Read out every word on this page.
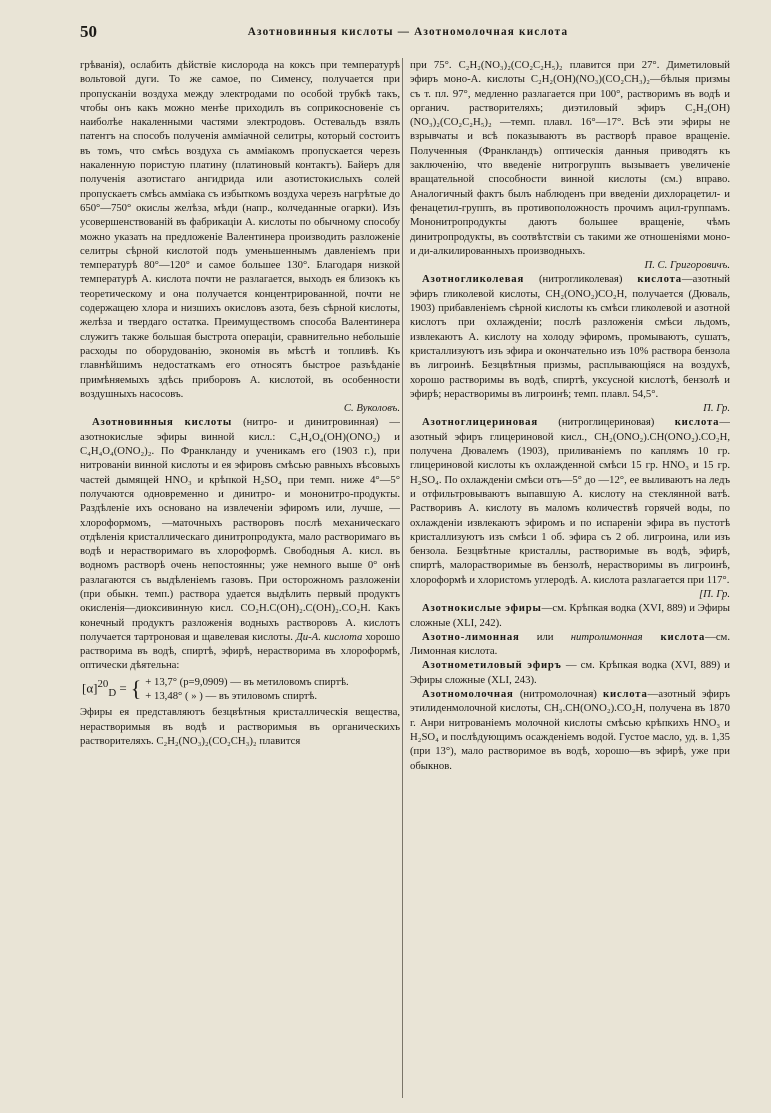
50	Азотновинныя кислоты — Азотномолочная кислота

грѣванія), ослабить дѣйствіе кислорода на коксъ при температурѣ вольтовой дуги. То же самое, по Сименсу, получается при пропусканіи воздуха между электродами по особой трубкѣ такъ, чтобы онъ какъ можно менѣе приходилъ въ соприкосновеніе съ наиболѣе накаленными частями электродовъ. Остевальдъ взялъ патентъ на способъ полученія амміачной селитры, который состоитъ въ томъ, что смѣсь воздуха съ амміакомъ пропускается черезъ накаленную пористую платину (платиновый контактъ). Байеръ для полученія азотистаго ангидрида или азотистокислыхъ солей пропускаетъ смѣсь амміака съ избыткомъ воздуха черезъ нагрѣтые до 650°—750° окислы желѣза, мѣди (напр., колчеданные огарки). Изъ усовершенствованій въ фабрикаціи А. кислоты по обычному способу можно указать на предложеніе Валентинера производить разложеніе селитры сѣрной кислотой подъ уменьшеннымъ давленіемъ при температурѣ 80°—120° и самое большее 130°. Благодаря низкой температурѣ А. кислота почти не разлагается, выходъ ея близокъ къ теоретическому и она получается концентрированной, почти не содержащею хлора и низшихъ окисловъ азота, безъ сѣрной кислоты, желѣза и твердаго остатка. Преимуществомъ способа Валентинера служитъ также большая быстрота операціи, сравнительно небольшіе расходы по оборудованію, экономія въ мѣстѣ и топливѣ. Къ главнѣйшимъ недостаткамъ его относятъ быстрое разъѣданіе примѣняемыхъ здѣсь приборовъ А. кислотой, въ особенности воздушныхъ насосовъ.
С. Вуколовъ.

Азотновинныя кислоты (нитро- и динитровинная) —азотнокислые эфиры винной кисл.: C₄H₄O₄(OH)(ONO₂) и C₄H₄O₄(ONO₂)₂. По Франкланду и ученикамъ его (1903 г.), при нитрованіи винной кислоты и ея эфировъ смѣсью равныхъ вѣсовыхъ частей дымящей HNO₃ и крѣпкой H₂SO₄ при темп. ниже 4°—5° получаются одновременно и динитро- и мононитро-продукты. Раздѣленіе ихъ основано на извлеченіи эфиромъ или, лучше, —хлороформомъ, —маточныхъ растворовъ послѣ механическаго отдѣленія кристаллическаго динитропродукта, мало растворимаго въ водѣ и нерастворимаго въ хлороформѣ. Свободныя А. кисл. въ водномъ растворѣ очень непостоянны; уже немного выше 0° онѣ разлагаются съ выдѣленіемъ газовъ. При осторожномъ разложеніи (при обыкн. темп.) раствора удается выдѣлить первый продуктъ окисленія—диоксивинную кисл. CO₂H.C(OH)₂.C(OH)₂.CO₂H. Какъ конечный продуктъ разложенія водныхъ растворовъ А. кислотъ получается тартроновая и щавелевая кислоты. Ди-А. кислота хорошо растворима въ водѣ, спиртѣ, эфирѣ, нерастворима въ хлороформѣ, оптически дѣятельна:

$[\alpha]^{20}_D$ =	{	+ 13,7° (p=9,0909) — въ метиловомъ спиртѣ.
+ 13,48° ( » ) — въ этиловомъ спиртѣ.

Эфиры ея представляютъ безцвѣтныя кристаллическія вещества, нерастворимыя въ водѣ и растворимыя въ органическихъ растворителяхъ. C₂H₂(NO₃)₂(CO₂CH₃)₂ плавится

при 75°. C₂H₂(NO₃)₂(CO₂C₂H₅)₂ плавится при 27°. Диметиловый эфиръ моно-А. кислоты C₂H₂(OH)(NO₃)(CO₂CH₃)₂—бѣлыя призмы съ т. пл. 97°, медленно разлагается при 100°, растворимъ въ водѣ и органич. растворителяхъ; диэтиловый эфиръ C₂H₂(OH)(NO₃)₂(CO₂C₂H₅)₂ —темп. плавл. 16°—17°. Всѣ эти эфиры не взрывчаты и всѣ показываютъ въ растворѣ правое вращеніе. Полученныя (Франкландъ) оптическія данныя приводятъ къ заключенію, что введеніе нитрогруппъ вызываетъ увеличеніе вращательной способности винной кислоты (см.) вправо. Аналогичный фактъ былъ наблюденъ при введеніи дихлорацетил- и фенацетил-группъ, въ противоположность прочимъ ацил-группамъ. Мононитропродукты даютъ большее вращеніе, чѣмъ динитропродукты, въ соотвѣтствіи съ такими же отношеніями моно- и ди-алкилированныхъ производныхъ.
П. С. Григоровичъ.

Азотногликолевая (нитрогликолевая) кислота—азотный эфиръ гликолевой кислоты, CH₂(ONO₂)CO₂H, получается (Дюваль, 1903) прибавленіемъ сѣрной кислоты къ смѣси гликолевой и азотной кислотъ при охлажденіи; послѣ разложенія смѣси льдомъ, извлекаютъ А. кислоту на холоду эфиромъ, промываютъ, сушатъ, кристаллизуютъ изъ эфира и окончательно изъ 10% раствора бензола въ лигроинѣ. Безцвѣтныя призмы, расплывающіяся на воздухѣ, хорошо растворимы въ водѣ, спиртѣ, уксусной кислотѣ, бензолѣ и эфирѣ; нерастворимы въ лигроинѣ; темп. плавл. 54,5°.
П. Гр.

Азотноглицериновая (нитроглицериновая) кислота—азотный эфиръ глицериновой кисл., CH₂(ONO₂).CH(ONO₂).CO₂H, получена Дювалемъ (1903), приливаніемъ по каплямъ 10 гр. глицериновой кислоты къ охлажденной смѣси 15 гр. HNO₃ и 15 гр. H₂SO₄. По охлажденіи смѣси отъ—5° до —12°, ее выливаютъ на ледъ и отфильтровываютъ выпавшую А. кислоту на стеклянной ватѣ. Растворивъ А. кислоту въ маломъ количествѣ горячей воды, по охлажденіи извлекаютъ эфиромъ и по испареніи эфира въ пустотѣ кристаллизуютъ изъ смѣси 1 об. эфира съ 2 об. лигроина, или изъ бензола. Безцвѣтные кристаллы, растворимые въ водѣ, эфирѣ, спиртѣ, малорастворимые въ бензолѣ, нерастворимы въ лигроинѣ, хлороформѣ и хлористомъ углеродѣ. А. кислота разлагается при 117°.
[П. Гр.

Азотнокислые эфиры—см. Крѣпкая водка (XVI, 889) и Эфиры сложные (XLI, 242).

Азотно-лимонная или нитролимонная кислота—см. Лимонная кислота.

Азотнометиловый эфиръ — см. Крѣпкая водка (XVI, 889) и Эфиры сложные (XLI, 243).

Азотномолочная (нитромолочная) кислота—азотный эфиръ этилиденмолочной кислоты, CH₃.CH(ONO₂).CO₂H, получена въ 1870 г. Анри нитрованіемъ молочной кислоты смѣсью крѣпкихъ HNO₃ и H₂SO₄ и послѣдующимъ осажденіемъ водой. Густое масло, уд. в. 1,35 (при 13°), мало растворимое въ водѣ, хорошо—въ эфирѣ, уже при обыкнов.
